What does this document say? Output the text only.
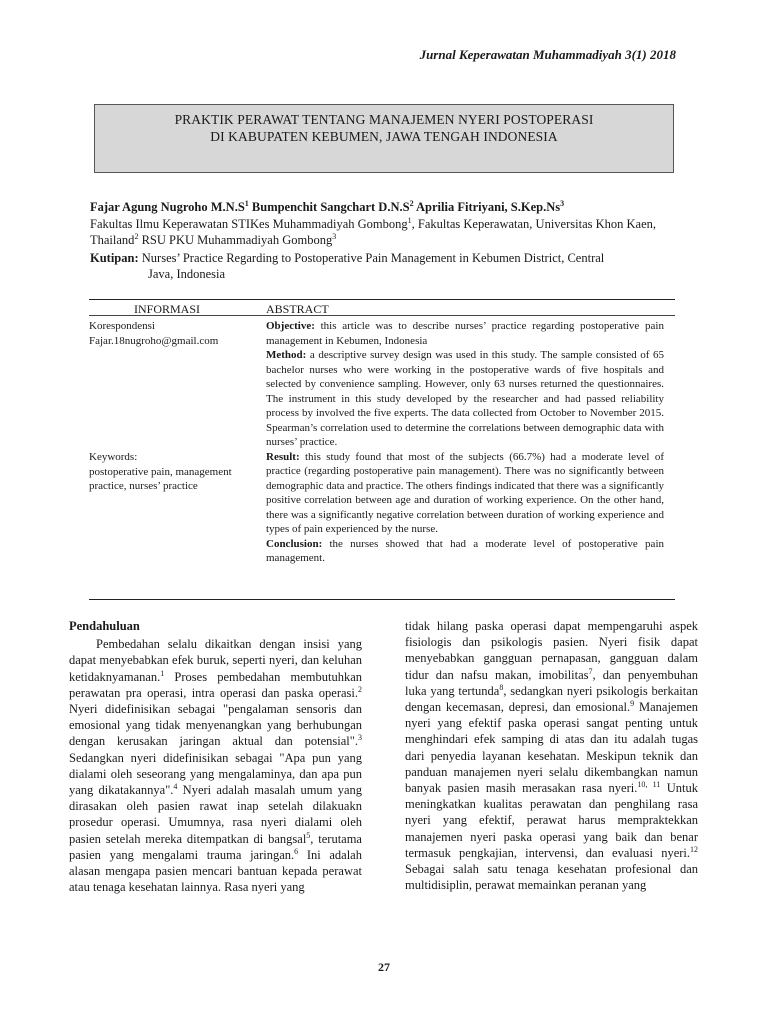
Jurnal Keperawatan Muhammadiyah 3(1) 2018
PRAKTIK PERAWAT TENTANG MANAJEMEN NYERI POSTOPERASI
DI KABUPATEN KEBUMEN, JAWA TENGAH INDONESIA
Fajar Agung Nugroho $M.N.S^1$ Bumpenchit Sangchart $D.N.S^2$ Aprilia Fitriyani, S.Kep.Ns$^3$
Fakultas Ilmu Keperawatan STIKes Muhammadiyah Gombong$^1$, Fakultas Keperawatan, Universitas Khon Kaen, Thailand$^2$ RSU PKU Muhammadiyah Gombong$^3$
Kutipan: Nurses’ Practice Regarding to Postoperative Pain Management in Kebumen District, Central
Java, Indonesia
INFORMASI	ABSTRACT
Korespondensi
Fajar.18nugroho@gmail.com
Keywords:
postoperative pain, management practice, nurses’ practice

Objective: this article was to describe nurses’ practice regarding postoperative pain management in Kebumen, Indonesia

Method: a descriptive survey design was used in this study. The sample consisted of 65 bachelor nurses who were working in the postoperative wards of five hospitals and selected by convenience sampling. However, only 63 nurses returned the questionnaires. The instrument in this study developed by the researcher and had passed reliability process by involved the five experts. The data collected from October to November 2015. Spearman’s correlation used to determine the correlations between demographic data with nurses’ practice.

Result: this study found that most of the subjects (66.7%) had a moderate level of practice (regarding postoperative pain management). There was no significantly between demographic data and practice. The others findings indicated that there was a significantly positive correlation between age and duration of working experience. On the other hand, there was a significantly negative correlation between duration of working experience and types of pain experienced by the nurse.

Conclusion: the nurses showed that had a moderate level of postoperative pain management.

Pendahuluan

Pembedahan selalu dikaitkan dengan insisi yang dapat menyebabkan efek buruk, seperti nyeri, dan keluhan ketidaknyamanan.$^1$ Proses pembedahan membutuhkan perawatan pra operasi, intra operasi dan paska operasi.$^2$ Nyeri didefinisikan sebagai "pengalaman sensoris dan emosional yang tidak menyenangkan yang berhubungan dengan kerusakan jaringan aktual dan potensial".$^3$ Sedangkan nyeri didefinisikan sebagai "Apa pun yang dialami oleh seseorang yang mengalaminya, dan apa pun yang dikatakannya".$^4$ Nyeri adalah masalah umum yang dirasakan oleh pasien rawat inap setelah dilakuakn prosedur operasi. Umumnya, rasa nyeri dialami oleh pasien setelah mereka ditempatkan di bangsal$^5$, terutama pasien yang mengalami trauma jaringan.$^6$ Ini adalah alasan mengapa pasien mencari bantuan kepada perawat atau tenaga kesehatan lainnya. Rasa nyeri yang

tidak hilang paska operasi dapat mempengaruhi aspek fisiologis dan psikologis pasien. Nyeri fisik dapat menyebabkan gangguan pernapasan, gangguan dalam tidur dan nafsu makan, imobilitas$^7$, dan penyembuhan luka yang tertunda$^8$, sedangkan nyeri psikologis berkaitan dengan kecemasan, depresi, dan emosional.$^9$ Manajemen nyeri yang efektif paska operasi sangat penting untuk menghindari efek samping di atas dan itu adalah tugas dari penyedia layanan kesehatan. Meskipun teknik dan panduan manajemen nyeri selalu dikembangkan namun banyak pasien masih merasakan rasa nyeri.$^{10, 11}$ Untuk meningkatkan kualitas perawatan dan penghilang rasa nyeri yang efektif, perawat harus mempraktekkan manajemen nyeri paska operasi yang baik dan benar termasuk pengkajian, intervensi, dan evaluasi nyeri.$^{12}$ Sebagai salah satu tenaga kesehatan profesional dan multidisiplin, perawat memainkan peranan yang

27
